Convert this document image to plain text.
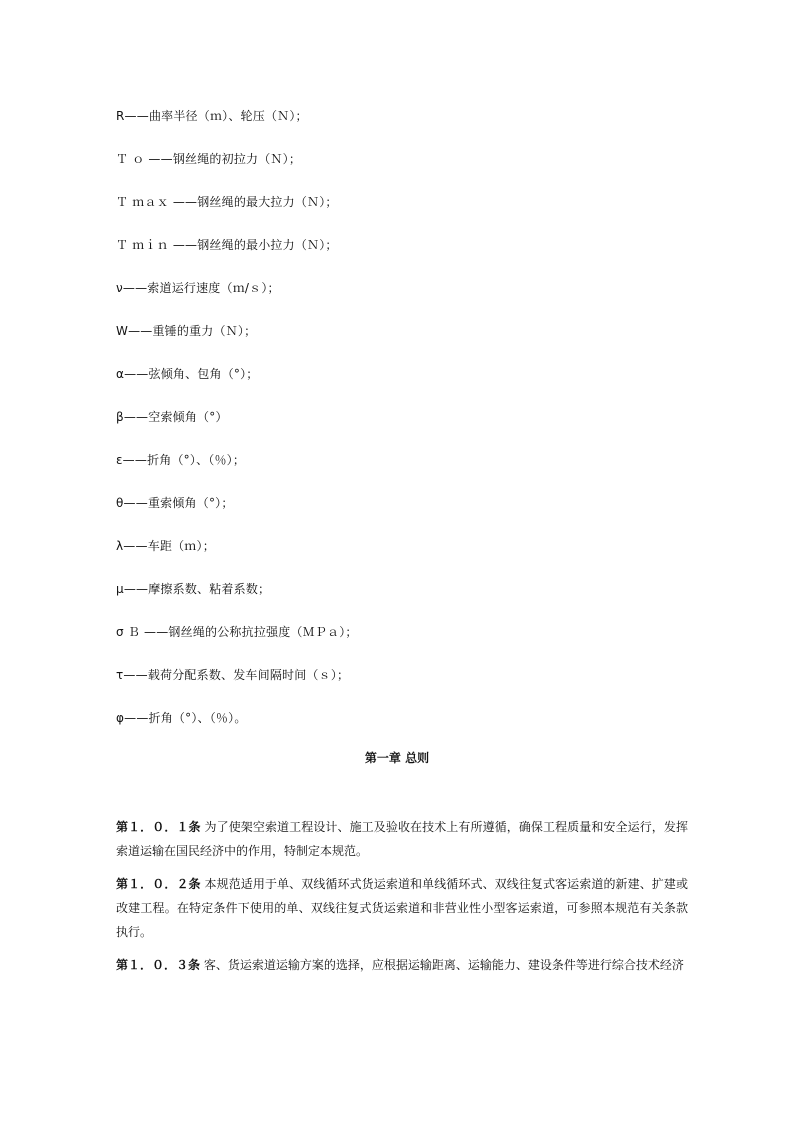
R——曲率半径（ｍ）、轮压（Ｎ）；
Ｔ ｏ ——钢丝绳的初拉力（Ｎ）；
Ｔ ｍａｘ ——钢丝绳的最大拉力（Ｎ）；
Ｔ ｍｉｎ ——钢丝绳的最小拉力（Ｎ）；
ν——索道运行速度（ｍ/ｓ）；
W——重锤的重力（Ｎ）；
α——弦倾角、包角（°）；
β——空索倾角（°）
ε——折角（°）、（％）；
θ——重索倾角（°）；
λ——车距（ｍ）；
μ——摩擦系数、粘着系数；
σ Ｂ ——钢丝绳的公称抗拉强度（ＭＰａ）；
τ——载荷分配系数、发车间隔时间（ｓ）；
φ——折角（°）、（％）。
第一章 总则

第１．０．１条 为了使架空索道工程设计、施工及验收在技术上有所遵循，确保工程质量和安全运行，发挥索道运输在国民经济中的作用，特制定本规范。

第１．０．２条 本规范适用于单、双线循环式货运索道和单线循环式、双线往复式客运索道的新建、扩建或改建工程。在特定条件下使用的单、双线往复式货运索道和非营业性小型客运索道，可参照本规范有关条款执行。

第１．０．３条 客、货运索道运输方案的选择，应根据运输距离、运输能力、建设条件等进行综合技术经济
